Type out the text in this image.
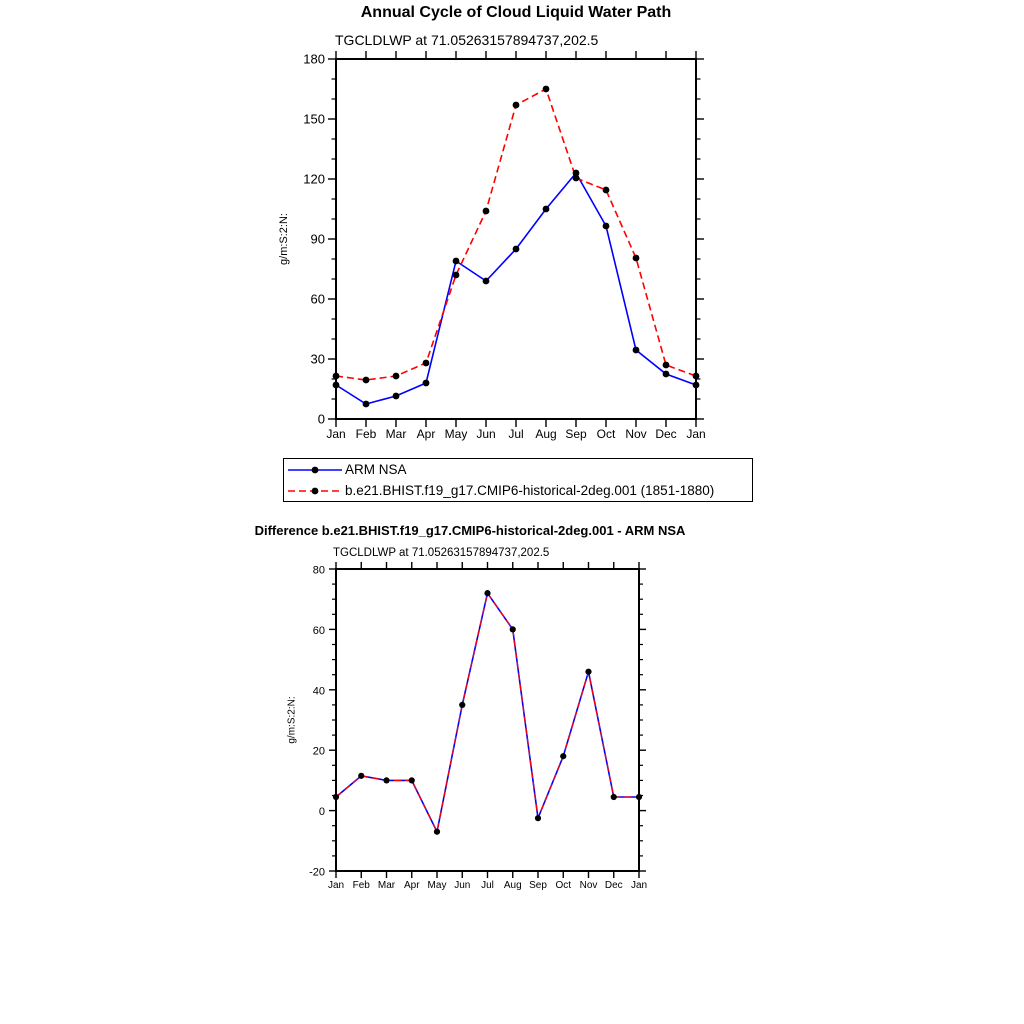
Jan Feb Mar Apr May Jun Jul Aug Sep Oct Nov Dec Jan
0
30
60
90
120
150
180
Jan Feb Mar Apr May Jun Jul Aug Sep Oct Nov Dec Jan
-20
0
20
40
60
80
Annual Cycle of Cloud Liquid Water Path
TGCLDLWP at 71.05263157894737,202.5
g/m:S:2:N:
ARM NSA
b.e21.BHIST.f19_g17.CMIP6-historical-2deg.001 (1851-1880)
Difference b.e21.BHIST.f19_g17.CMIP6-historical-2deg.001 - ARM NSA
TGCLDLWP at 71.05263157894737,202.5
g/m:S:2:N:
